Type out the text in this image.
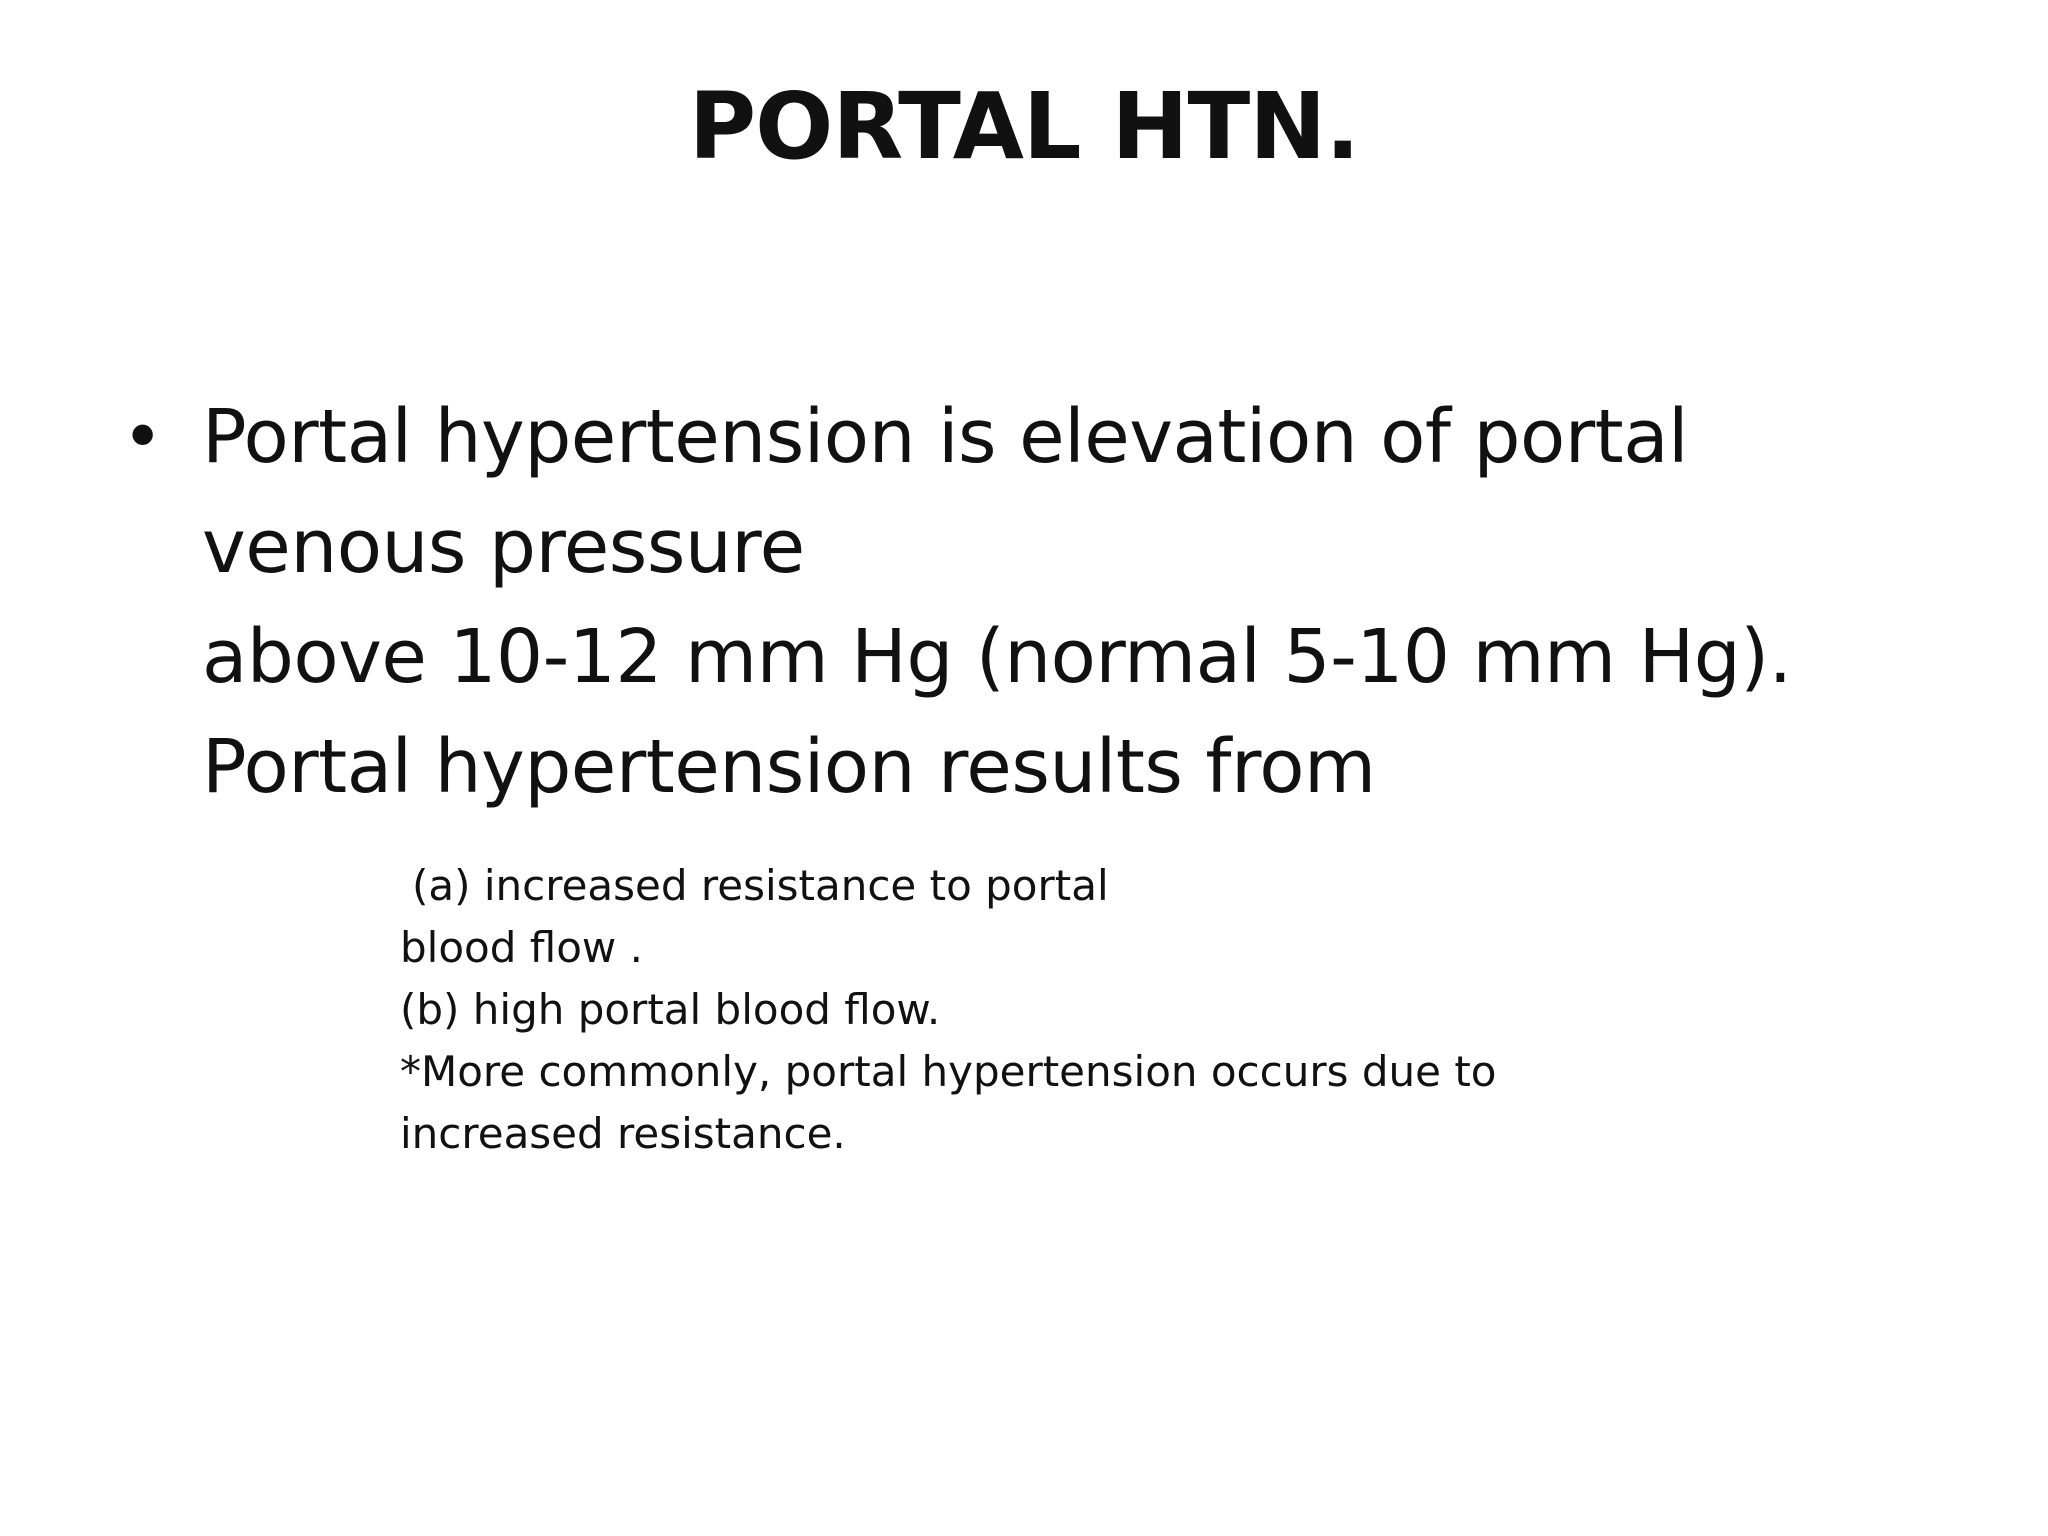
PORTAL HTN.
• Portal hypertension is elevation of portal
venous pressure
above 10-12 mm Hg (normal 5-10 mm Hg).
Portal hypertension results from
(a) increased resistance to portal
blood flow .
(b) high portal blood flow.
*More commonly, portal hypertension occurs due to
increased resistance.
